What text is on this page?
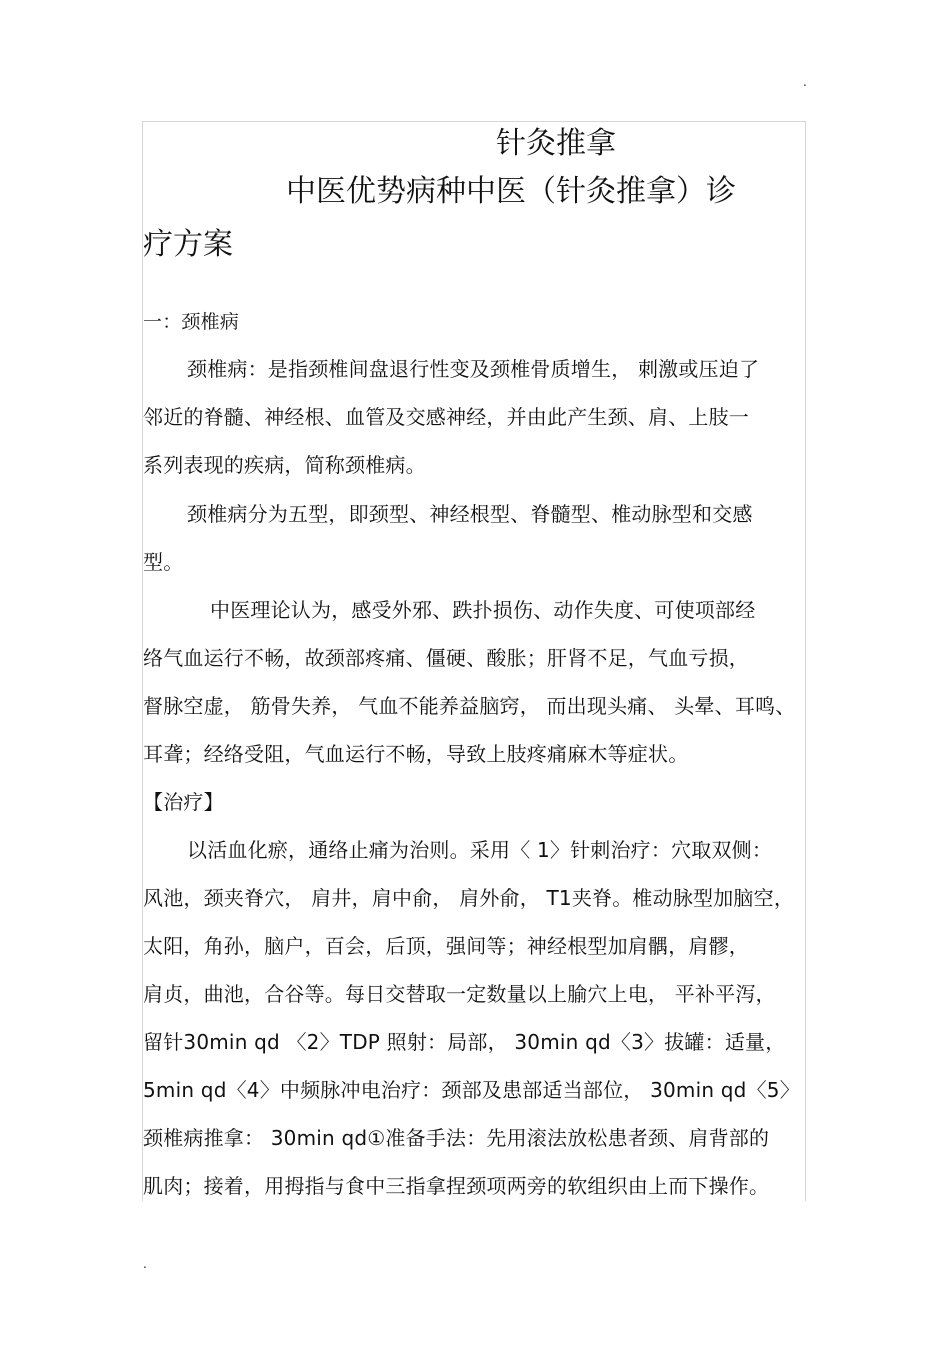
.
针灸推拿
中医优势病种中医（针灸推拿）诊
疗方案
一：颈椎病
颈椎病：是指颈椎间盘退行性变及颈椎骨质增生， 刺激或压迫了
邻近的脊髓、神经根、血管及交感神经，并由此产生颈、肩、上肢一
系列表现的疾病，简称颈椎病。
颈椎病分为五型，即颈型、神经根型、脊髓型、椎动脉型和交感
型。
中医理论认为，感受外邪、跌扑损伤、动作失度、可使项部经
络气血运行不畅，故颈部疼痛、僵硬、酸胀；肝肾不足，气血亏损，
督脉空虚， 筋骨失养， 气血不能养益脑窍， 而出现头痛、 头晕、耳鸣、
耳聋；经络受阻，气血运行不畅，导致上肢疼痛麻木等症状。
【治疗】
以活血化瘀，通络止痛为治则。采用〈 1〉针刺治疗：穴取双侧：
风池，颈夹脊穴， 肩井，肩中俞， 肩外俞， T1夹脊。椎动脉型加脑空，
太阳，角孙，脑户，百会，后顶，强间等；神经根型加肩髃，肩髎，
肩贞，曲池，合谷等。每日交替取一定数量以上腧穴上电， 平补平泻，
留针30min qd 〈2〉TDP 照射：局部， 30min qd〈3〉拔罐：适量，
5min qd〈4〉中频脉冲电治疗：颈部及患部适当部位， 30min qd〈5〉
颈椎病推拿： 30min qd①准备手法：先用滚法放松患者颈、肩背部的
肌肉；接着，用拇指与食中三指拿捏颈项两旁的软组织由上而下操作。
.
